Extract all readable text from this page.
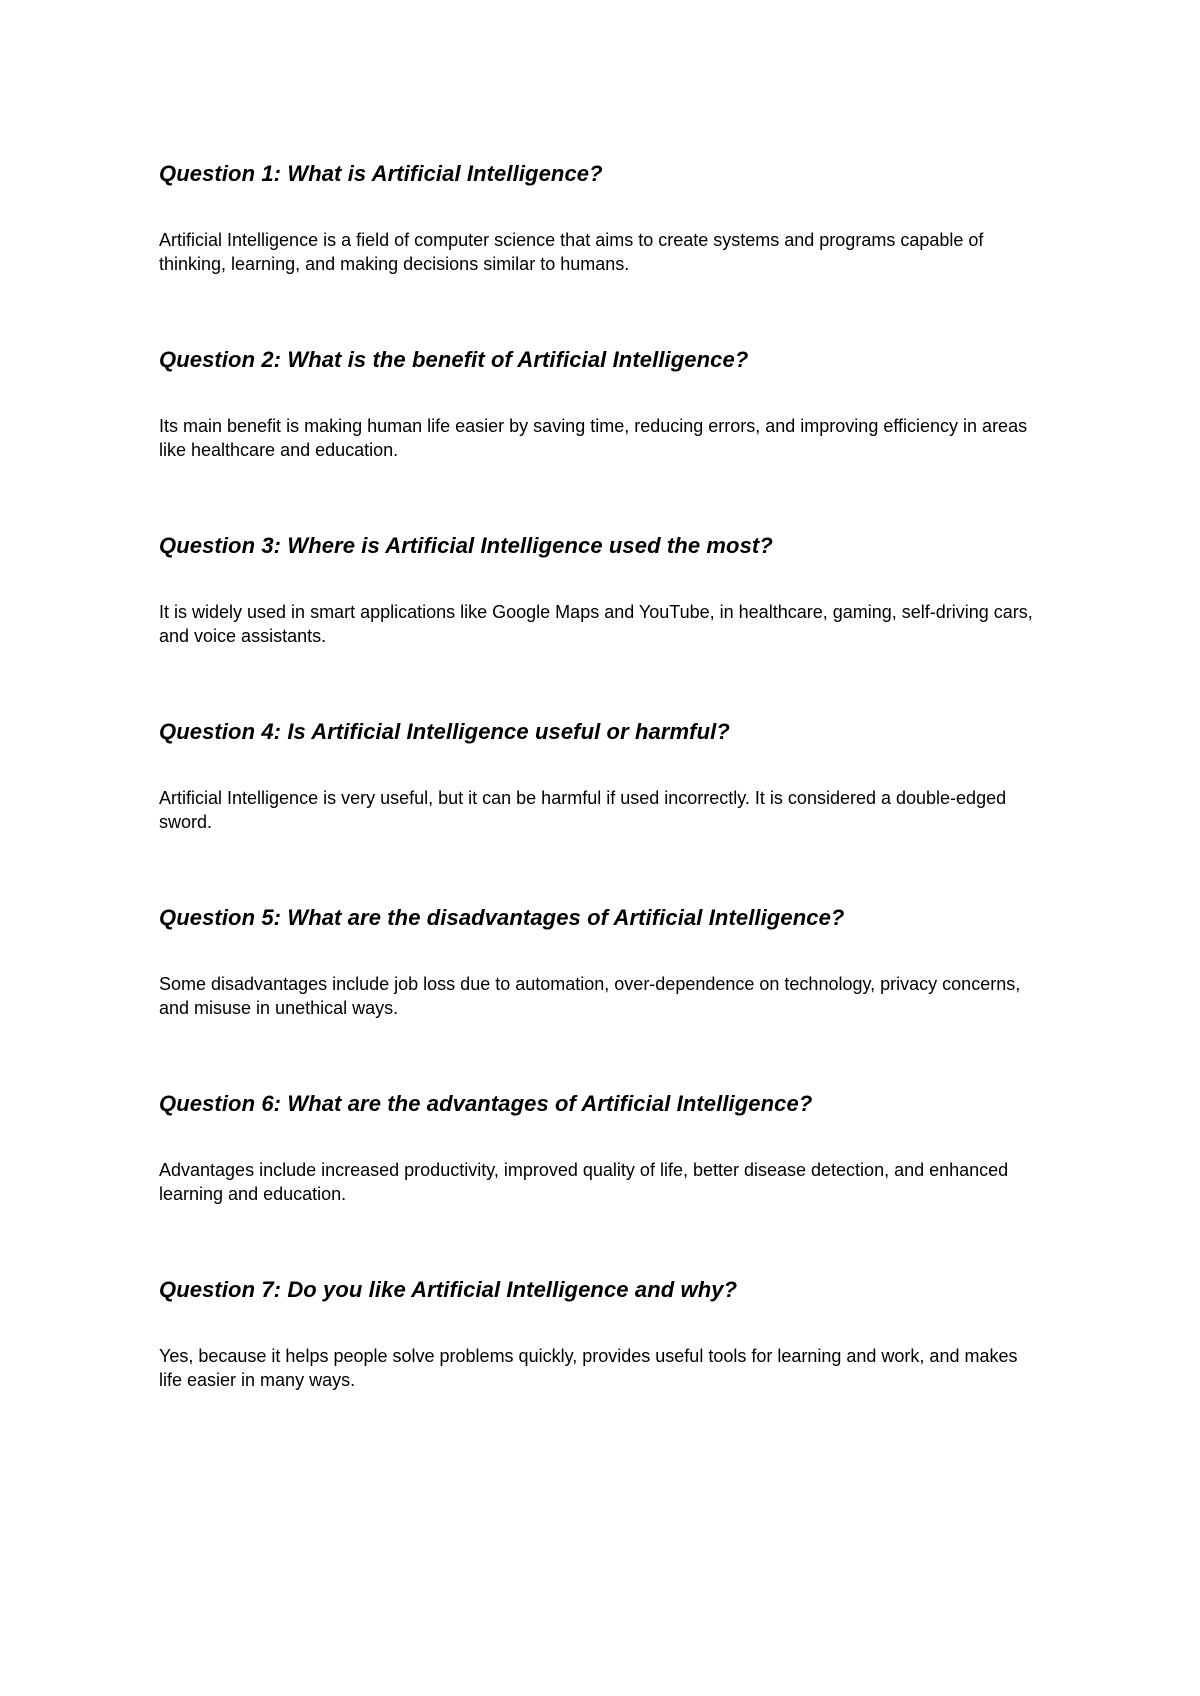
Question 1: What is Artificial Intelligence?

Artificial Intelligence is a field of computer science that aims to create systems and programs capable of thinking, learning, and making decisions similar to humans.

Question 2: What is the benefit of Artificial Intelligence?

Its main benefit is making human life easier by saving time, reducing errors, and improving efficiency in areas like healthcare and education.

Question 3: Where is Artificial Intelligence used the most?

It is widely used in smart applications like Google Maps and YouTube, in healthcare, gaming, self-driving cars, and voice assistants.

Question 4: Is Artificial Intelligence useful or harmful?

Artificial Intelligence is very useful, but it can be harmful if used incorrectly. It is considered a double-edged sword.

Question 5: What are the disadvantages of Artificial Intelligence?

Some disadvantages include job loss due to automation, over-dependence on technology, privacy concerns, and misuse in unethical ways.

Question 6: What are the advantages of Artificial Intelligence?

Advantages include increased productivity, improved quality of life, better disease detection, and enhanced learning and education.

Question 7: Do you like Artificial Intelligence and why?

Yes, because it helps people solve problems quickly, provides useful tools for learning and work, and makes life easier in many ways.
